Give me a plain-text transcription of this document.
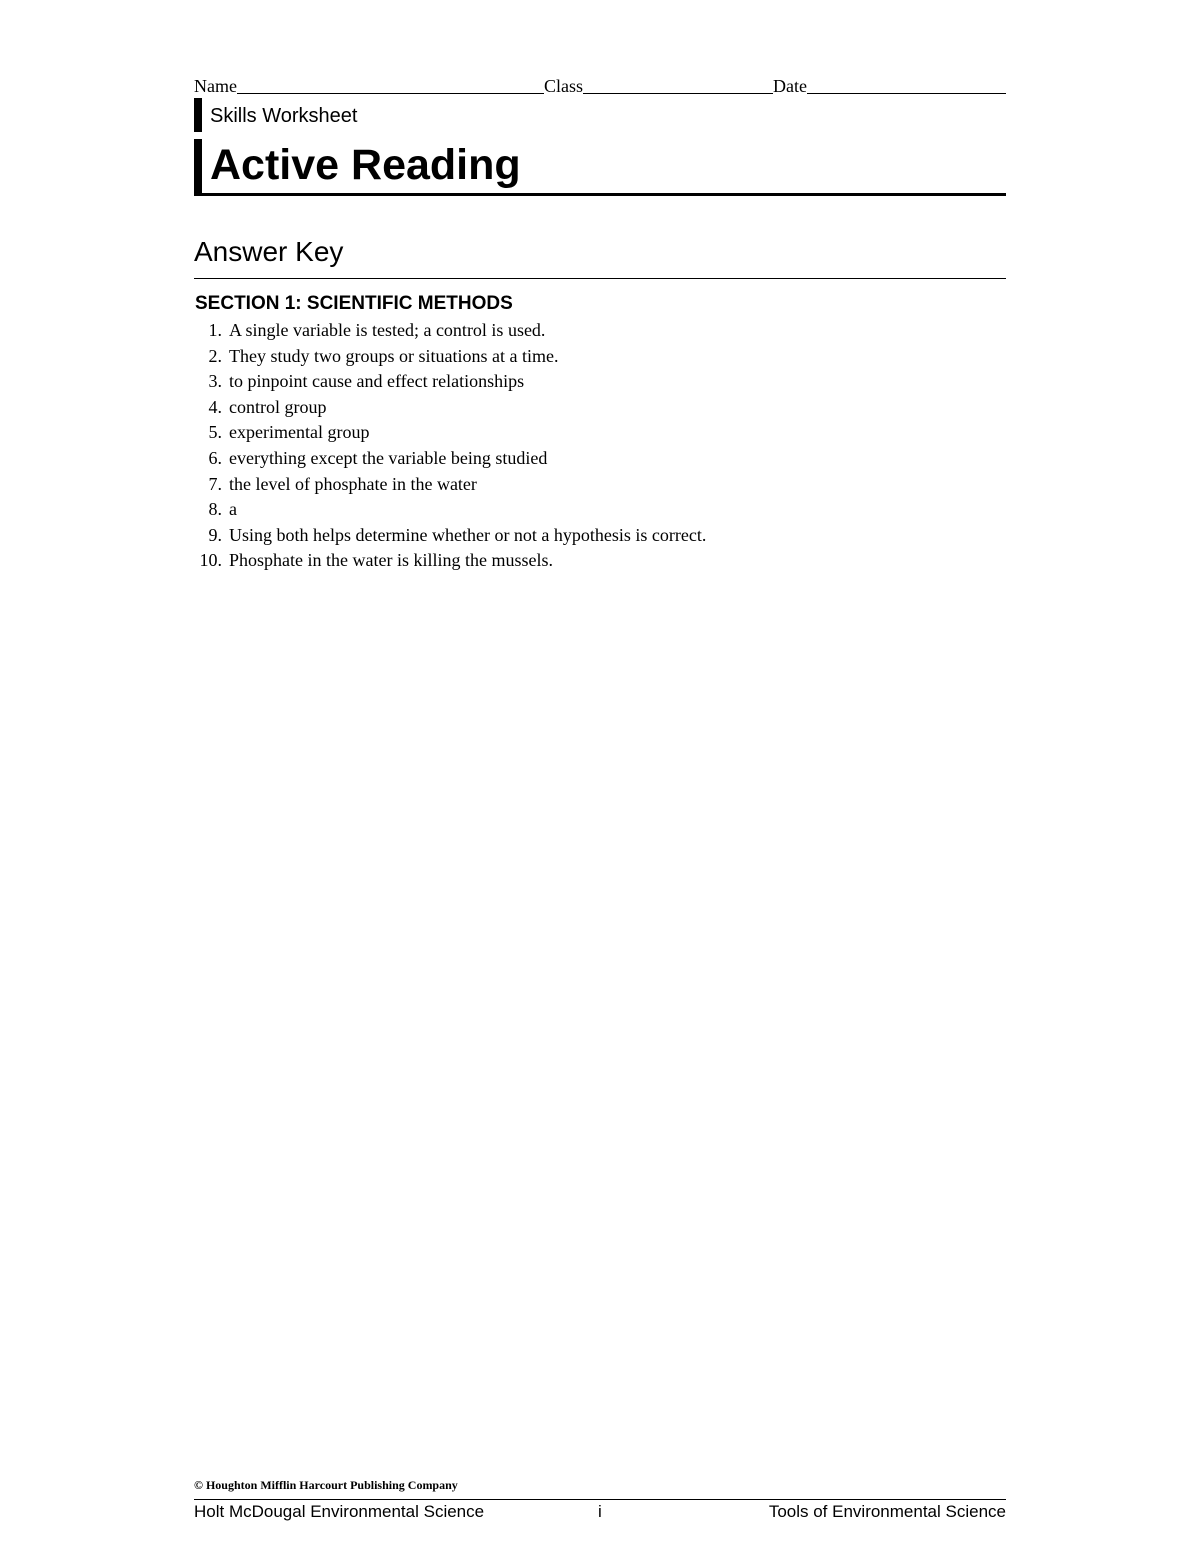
Name	Class	Date
Skills Worksheet
Active Reading
Answer Key
SECTION 1: SCIENTIFIC METHODS
1. A single variable is tested; a control is used.
2. They study two groups or situations at a time.
3. to pinpoint cause and effect relationships
4. control group
5. experimental group
6. everything except the variable being studied
7. the level of phosphate in the water
8. a
9. Using both helps determine whether or not a hypothesis is correct.
10. Phosphate in the water is killing the mussels.
© Houghton Mifflin Harcourt Publishing Company
Holt McDougal Environmental Science	i	Tools of Environmental Science
